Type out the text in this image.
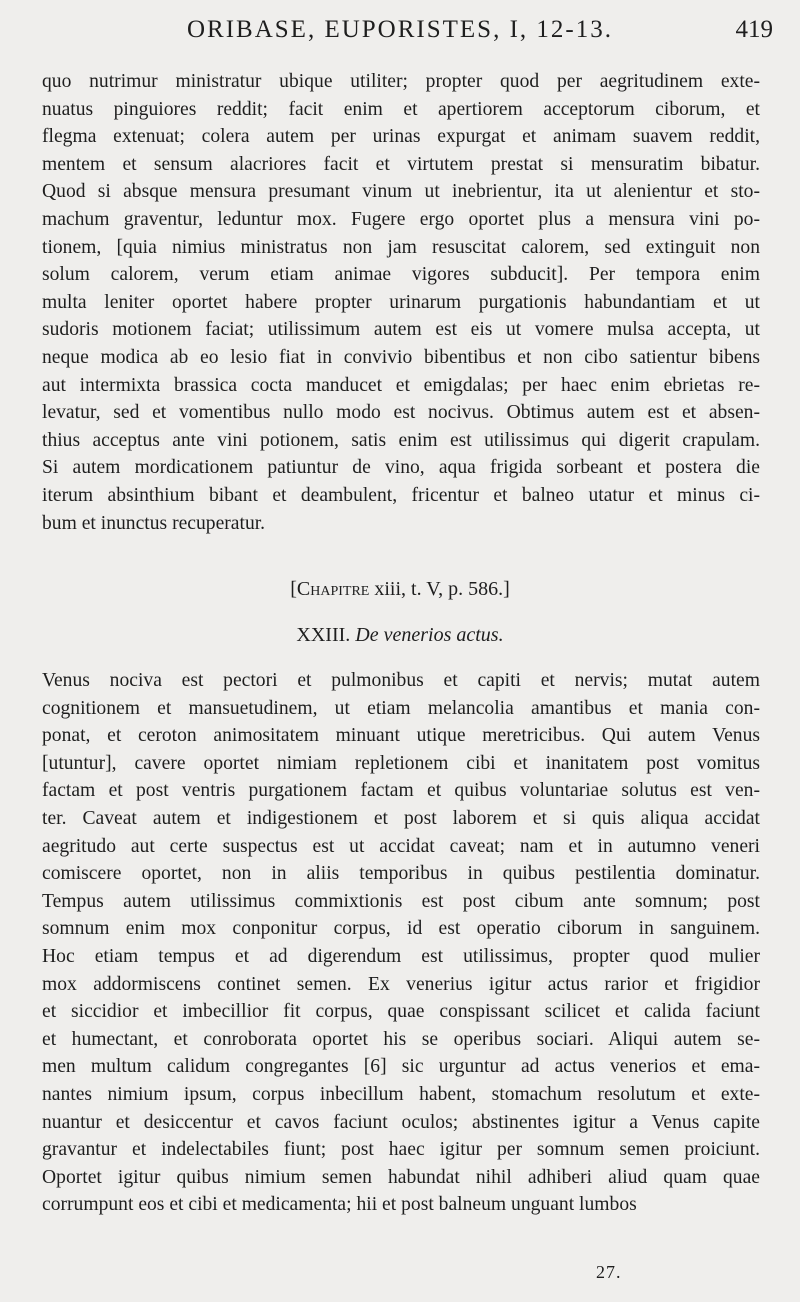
ORIBASE, EUPORISTES, I, 12-13.	419
quo nutrimur ministratur ubique utiliter; propter quod per aegritudinem exte-
nuatus pinguiores reddit; facit enim et apertiorem acceptorum ciborum, et
flegma extenuat; colera autem per urinas expurgat et animam suavem reddit,
mentem et sensum alacriores facit et virtutem prestat si mensuratim bibatur.
Quod si absque mensura presumant vinum ut inebrientur, ita ut alenientur et sto-
machum graventur, leduntur mox. Fugere ergo oportet plus a mensura vini po-
tionem, [quia nimius ministratus non jam resuscitat calorem, sed extinguit non
solum calorem, verum etiam animae vigores subducit]. Per tempora enim
multa leniter oportet habere propter urinarum purgationis habundantiam et ut
sudoris motionem faciat; utilissimum autem est eis ut vomere mulsa accepta, ut
neque modica ab eo lesio fiat in convivio bibentibus et non cibo satientur bibens
aut intermixta brassica cocta manducet et emigdalas; per haec enim ebrietas re-
levatur, sed et vomentibus nullo modo est nocivus. Obtimus autem est et absen-
thius acceptus ante vini potionem, satis enim est utilissimus qui digerit crapulam.
Si autem mordicationem patiuntur de vino, aqua frigida sorbeant et postera die
iterum absinthium bibant et deambulent, fricentur et balneo utatur et minus ci-
bum et inunctus recuperatur.
[Chapitre xiii, t. V, p. 586.]
XXIII. De venerios actus.
Venus nociva est pectori et pulmonibus et capiti et nervis; mutat autem
cognitionem et mansuetudinem, ut etiam melancolia amantibus et mania con-
ponat, et ceroton animositatem minuant utique meretricibus. Qui autem Venus
[utuntur], cavere oportet nimiam repletionem cibi et inanitatem post vomitus
factam et post ventris purgationem factam et quibus voluntariae solutus est ven-
ter. Caveat autem et indigestionem et post laborem et si quis aliqua accidat
aegritudo aut certe suspectus est ut accidat caveat; nam et in autumno veneri
comiscere oportet, non in aliis temporibus in quibus pestilentia dominatur.
Tempus autem utilissimus commixtionis est post cibum ante somnum; post
somnum enim mox conponitur corpus, id est operatio ciborum in sanguinem.
Hoc etiam tempus et ad digerendum est utilissimus, propter quod mulier
mox addormiscens continet semen. Ex venerius igitur actus rarior et frigidior
et siccidior et imbecillior fit corpus, quae conspissant scilicet et calida faciunt
et humectant, et conroborata oportet his se operibus sociari. Aliqui autem se-
men multum calidum congregantes [6] sic urguntur ad actus venerios et ema-
nantes nimium ipsum, corpus inbecillum habent, stomachum resolutum et exte-
nuantur et desiccentur et cavos faciunt oculos; abstinentes igitur a Venus capite
gravantur et indelectabiles fiunt; post haec igitur per somnum semen proiciunt.
Oportet igitur quibus nimium semen habundat nihil adhiberi aliud quam quae
corrumpunt eos et cibi et medicamenta; hii et post balneum unguant lumbos
27.
